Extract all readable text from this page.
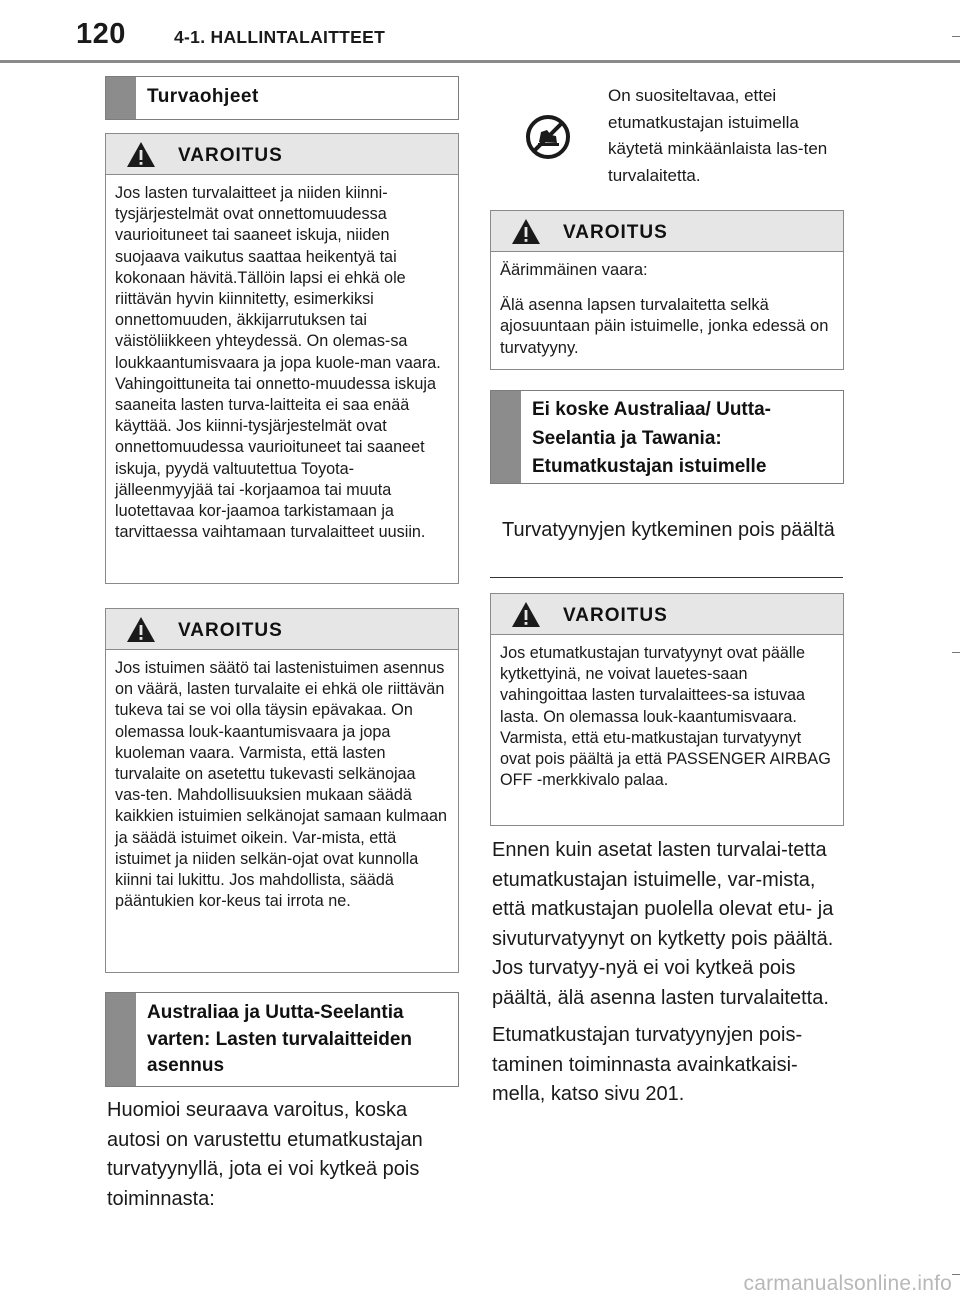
120	4-1. HALLINTALAITTEET
Turvaohjeet
VAROITUS

Jos lasten turvalaitteet ja niiden kiinni-tysjärjestelmät ovat onnettomuudessa vaurioituneet tai saaneet iskuja, niiden suojaava vaikutus saattaa heikentyä tai kokonaan hävitä.Tällöin lapsi ei ehkä ole riittävän hyvin kiinnitetty, esimerkiksi onnettomuuden, äkkijarrutuksen tai väistöliikkeen yhteydessä. On olemas-sa loukkaantumisvaara ja jopa kuole-man vaara. Vahingoittuneita tai onnetto-muudessa iskuja saaneita lasten turva-laitteita ei saa enää käyttää. Jos kiinni-tysjärjestelmät ovat onnettomuudessa vaurioituneet tai saaneet iskuja, pyydä valtuutettua Toyota-jälleenmyyjää tai -korjaamoa tai muuta luotettavaa kor-jaamoa tarkistamaan ja tarvittaessa vaihtamaan turvalaitteet uusiin.

VAROITUS

Jos istuimen säätö tai lastenistuimen asennus on väärä, lasten turvalaite ei ehkä ole riittävän tukeva tai se voi olla täysin epävakaa. On olemassa louk-kaantumisvaara ja jopa kuoleman vaara. Varmista, että lasten turvalaite on asetettu tukevasti selkänojaa vas-ten. Mahdollisuuksien mukaan säädä kaikkien istuimien selkänojat samaan kulmaan ja säädä istuimet oikein. Var-mista, että istuimet ja niiden selkän-ojat ovat kunnolla kiinni tai lukittu. Jos mahdollista, säädä pääntukien kor-keus tai irrota ne.

Australiaa ja Uutta-Seelantia varten: Lasten turvalaitteiden asennus

Huomioi seuraava varoitus, koska autosi on varustettu etumatkustajan turvatyynyllä, jota ei voi kytkeä pois toiminnasta:

On suositeltavaa, ettei etumatkustajan istuimella käytetä minkäänlaista las-ten turvalaitetta.
VAROITUS

Äärimmäinen vaara:

Älä asenna lapsen turvalaitetta selkä ajosuuntaan päin istuimelle, jonka edessä on turvatyyny.

Ei koske Australiaa/ Uutta-Seelantia ja Tawania: Etumatkustajan istuimelle
Turvatyynyjen kytkeminen pois päältä
VAROITUS

Jos etumatkustajan turvatyynyt ovat päälle kytkettyinä, ne voivat lauetes-saan vahingoittaa lasten turvalaittees-sa istuvaa lasta. On olemassa louk-kaantumisvaara. Varmista, että etu-matkustajan turvatyynyt ovat pois päältä ja että PASSENGER AIRBAG OFF -merkkivalo palaa.

Ennen kuin asetat lasten turvalai-tetta etumatkustajan istuimelle, var-mista, että matkustajan puolella olevat etu- ja sivuturvatyynyt on kytketty pois päältä. Jos turvatyy-nyä ei voi kytkeä pois päältä, älä asenna lasten turvalaitetta.

Etumatkustajan turvatyynyjen pois-taminen toiminnasta avainkatkaisi-mella, katso sivu 201.

carmanualsonline.info
